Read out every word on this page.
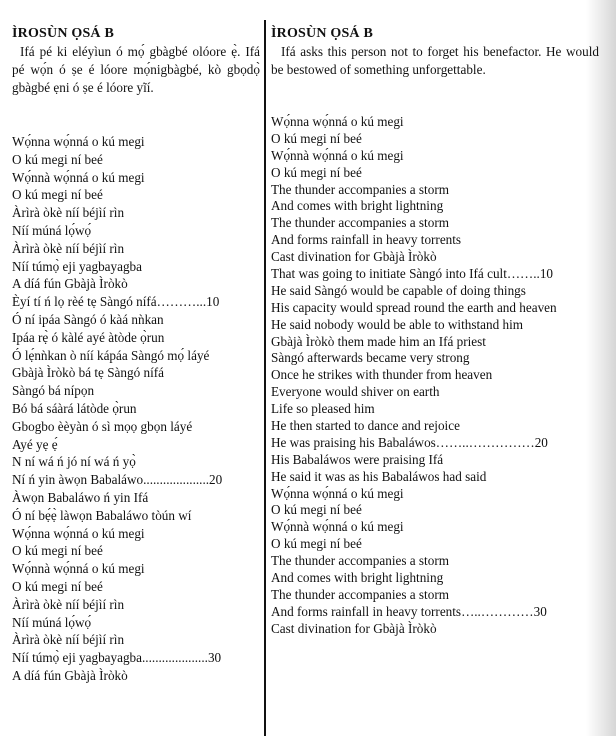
ÌROSÙN ỌSÁ B

Ifá pé ki eléyìun ó mọ́ gbàgbé olóore ẹ̀. Ifá pé wọ́n ó ṣe é lóore mọ́nigbàgbé, kò gbọdọ̀ gbàgbé ẹni ó ṣe é lóore yĩí.

Wọ́nna wọ́nná o kú megi
O kú megi ní beé
Wọ́nnà wọ́nná o kú megi
O kú megi ní beé
Àrìrà òkè níí béjìí rìn
Níí múná lọ́wọ́
Àrìrà òkè níí béjìí rìn
Níí túmọ̀ eji yagbayagba
A díá fún Gbàjà Ìròkò
Èyí tí ń lọ rèé tẹ Sàngó nífá………...10
Ó ní ipáa Sàngó ó kàá nǹkan
Ipáa rẹ̀ ó kàlé ayé àtòde ọ̀run
Ó lẹ́nǹkan ò níí kápáa Sàngó mọ́ láyé
Gbàjà Ìròkò bá tẹ Sàngó nífá
Sàngó bá nípọn
Bó bá sáàrá látòde ọ̀run
Gbogbo èèyàn ó sì mọọ gbọn láyé
Ayé yẹ ẹ́
N ní wá ń jó ní wá ń yọ̀
Ní ń yin àwọn Babaláwo....................20
Àwọn Babaláwo ń yin Ifá
Ó ní bẹ́ẹ̀ làwọn Babaláwo tòún wí
Wọ́nna wọ́nná o kú megi
O kú megi ní beé
Wọ́nnà wọ́nná o kú megi
O kú megi ní beé
Àrìrà òkè níí béjìí rìn
Níí múná lọ́wọ́
Àrìrà òkè níí béjìí rìn
Níí túmọ̀ eji yagbayagba....................30
A díá fún Gbàjà Ìròkò
ÌROSÙN ỌSÁ B

Ifá asks this person not to forget his benefactor. He would be bestowed of something unforgettable.

Wọ́nna wọ́nná o kú megi
O kú megi ní beé
Wọ́nnà wọ́nná o kú megi
O kú megi ní beé
The thunder accompanies a storm
And comes with bright lightning
The thunder accompanies a storm
And forms rainfall in heavy torrents
Cast divination for Gbàjà Ìròkò
That was going to initiate Sàngó into Ifá cult……..10
He said Sàngó would be capable of doing things
His capacity would spread round the earth and heaven
He said nobody would be able to withstand him
Gbàjà Ìròkò them made him an Ifá priest
Sàngó afterwards became very strong
Once he strikes with thunder from heaven
Everyone would shiver on earth
Life so pleased him
He then started to dance and rejoice
He was praising his Babaláwos……..……………20
His Babaláwos were praising Ifá
He said it was as his Babaláwos had said
Wọ́nna wọ́nná o kú megi
O kú megi ní beé
Wọ́nnà wọ́nná o kú megi
O kú megi ní beé
The thunder accompanies a storm
And comes with bright lightning
The thunder accompanies a storm
And forms rainfall in heavy torrents…..…………30
Cast divination for Gbàjà Ìròkò
